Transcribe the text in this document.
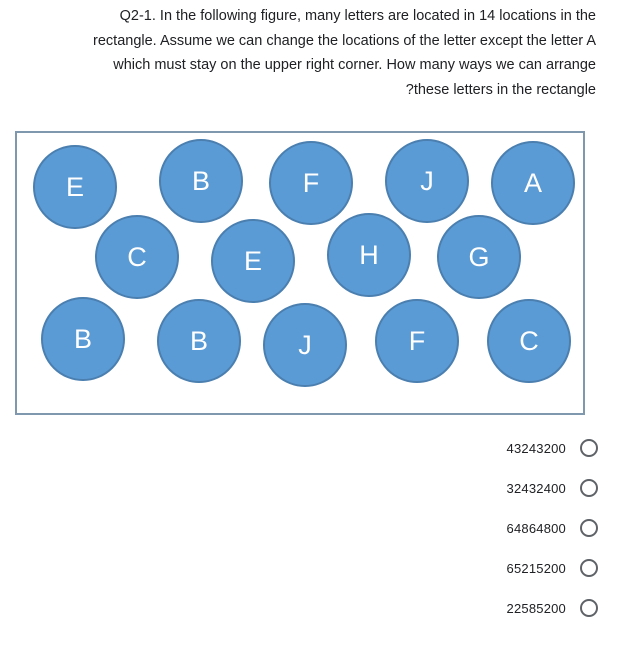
Q2-1. In the following figure, many letters are located in 14 locations in the
rectangle. Assume we can change the locations of the letter except the letter A
which must stay on the upper right corner. How many ways we can arrange
?these letters in the rectangle
E	B	F	J	A
C	E	H	G
B	B	J	F	C
43243200
32432400
64864800
65215200
22585200
